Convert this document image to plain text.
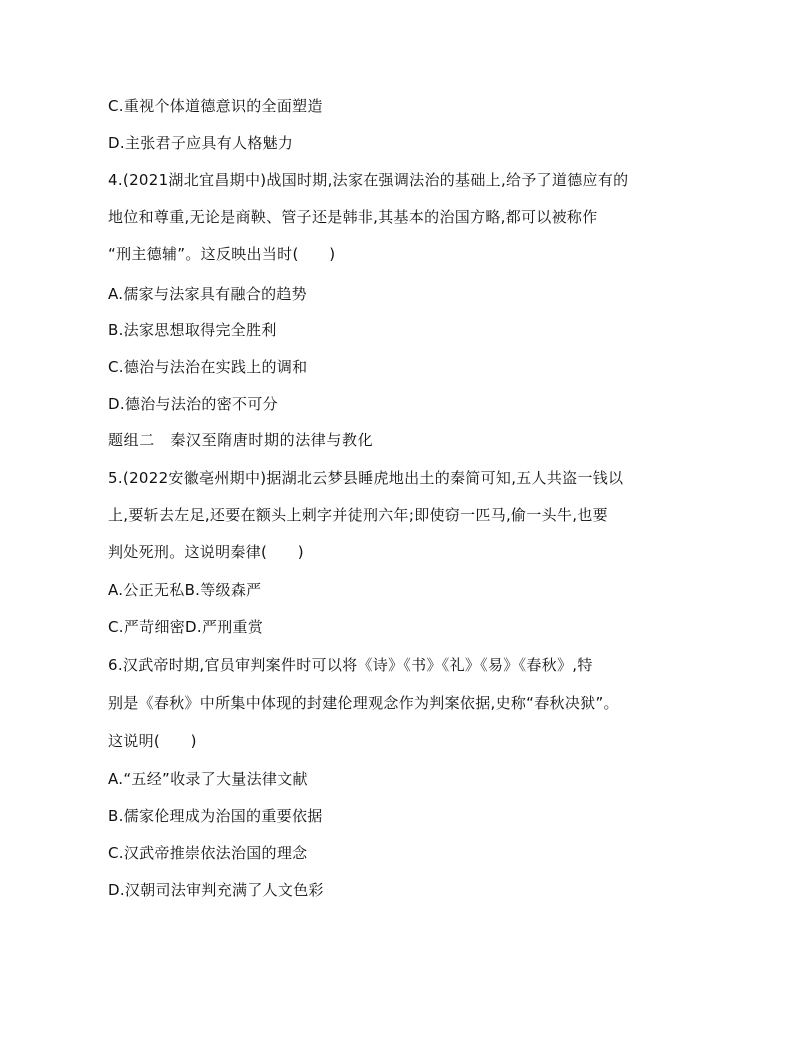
C.重视个体道德意识的全面塑造
D.主张君子应具有人格魅力
4.(2021湖北宜昌期中)战国时期,法家在强调法治的基础上,给予了道德应有的
地位和尊重,无论是商鞅、管子还是韩非,其基本的治国方略,都可以被称作
“刑主德辅”。这反映出当时(　　)
A.儒家与法家具有融合的趋势
B.法家思想取得完全胜利
C.德治与法治在实践上的调和
D.德治与法治的密不可分
题组二　秦汉至隋唐时期的法律与教化
5.(2022安徽亳州期中)据湖北云梦县睡虎地出土的秦简可知,五人共盗一钱以
上,要斩去左足,还要在额头上刺字并徒刑六年;即使窃一匹马,偷一头牛,也要
判处死刑。这说明秦律(　　)
A.公正无私B.等级森严
C.严苛细密D.严刑重赏
6.汉武帝时期,官员审判案件时可以将《诗》《书》《礼》《易》《春秋》,特
别是《春秋》中所集中体现的封建伦理观念作为判案依据,史称“春秋决狱”。
这说明(　　)
A.“五经”收录了大量法律文献
B.儒家伦理成为治国的重要依据
C.汉武帝推崇依法治国的理念
D.汉朝司法审判充满了人文色彩
